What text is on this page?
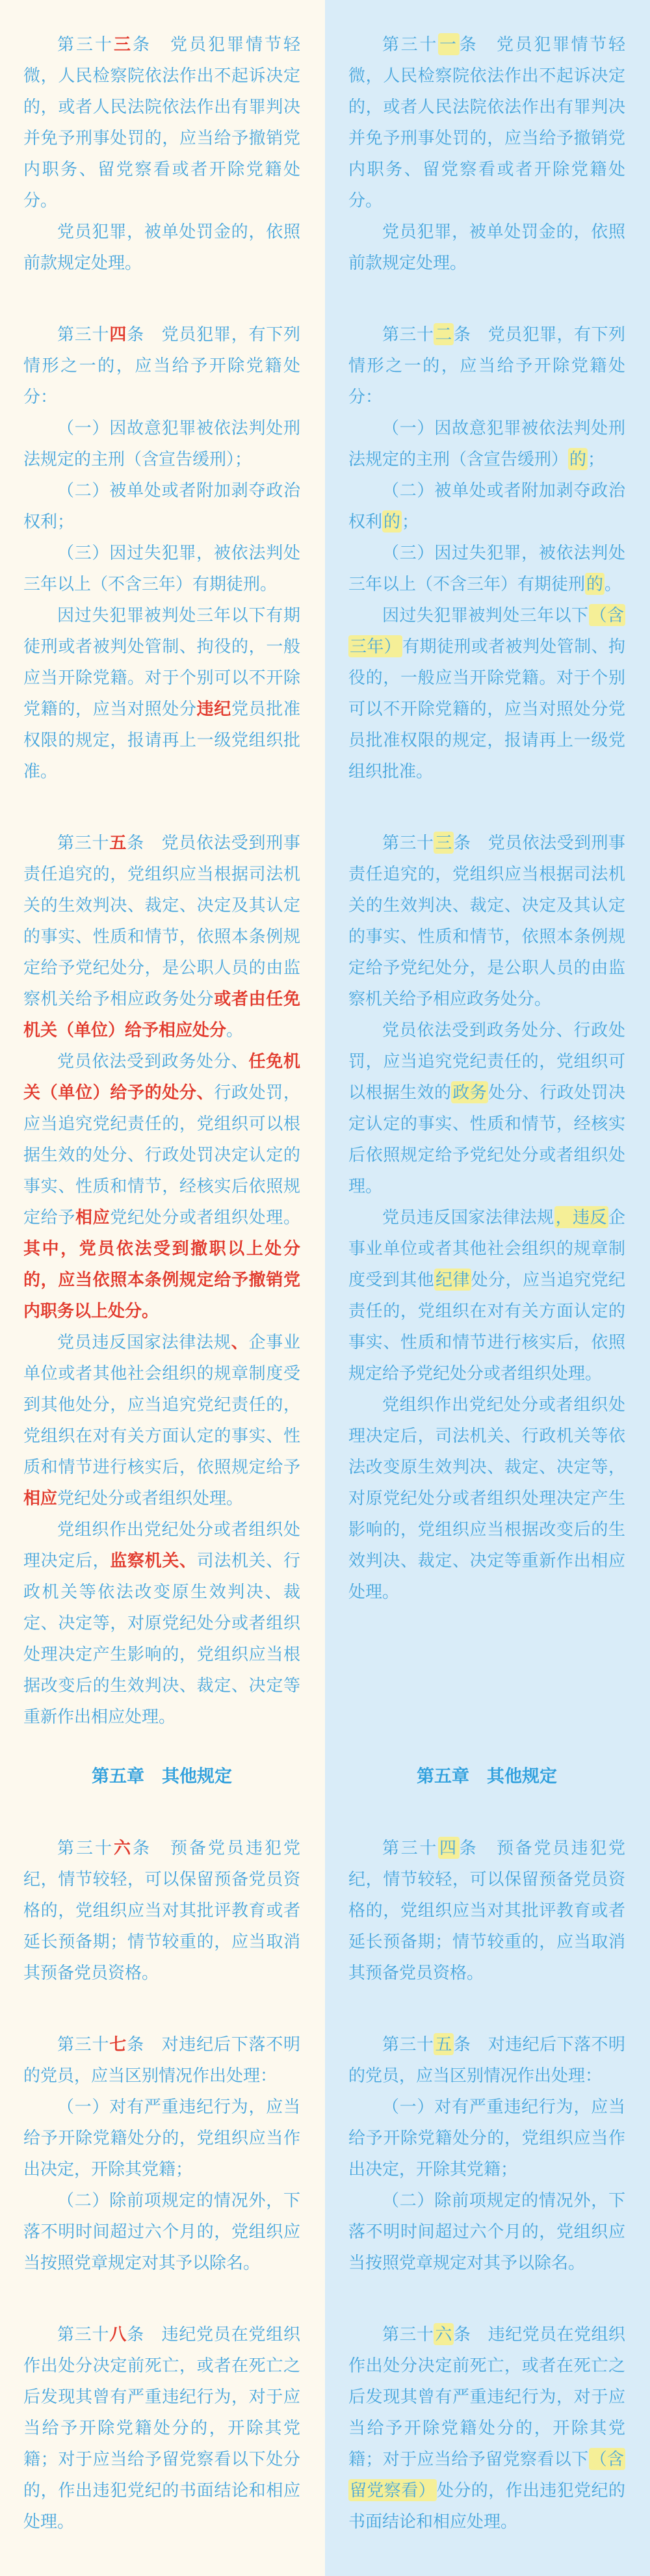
第三十三条　党员犯罪情节轻微，人民检察院依法作出不起诉决定的，或者人民法院依法作出有罪判决并免予刑事处罚的，应当给予撤销党内职务、留党察看或者开除党籍处分。

党员犯罪，被单处罚金的，依照前款规定处理。

第三十一条　党员犯罪情节轻微，人民检察院依法作出不起诉决定的，或者人民法院依法作出有罪判决并免予刑事处罚的，应当给予撤销党内职务、留党察看或者开除党籍处分。

党员犯罪，被单处罚金的，依照前款规定处理。

第三十四条　党员犯罪，有下列情形之一的，应当给予开除党籍处分：

（一）因故意犯罪被依法判处刑法规定的主刑（含宣告缓刑）；

（二）被单处或者附加剥夺政治权利；

（三）因过失犯罪，被依法判处三年以上（不含三年）有期徒刑。

因过失犯罪被判处三年以下有期徒刑或者被判处管制、拘役的，一般应当开除党籍。对于个别可以不开除党籍的，应当对照处分违纪党员批准权限的规定，报请再上一级党组织批准。

第三十二条　党员犯罪，有下列情形之一的，应当给予开除党籍处分：

（一）因故意犯罪被依法判处刑法规定的主刑（含宣告缓刑）的；

（二）被单处或者附加剥夺政治权利的；

（三）因过失犯罪，被依法判处三年以上（不含三年）有期徒刑的。

因过失犯罪被判处三年以下（含三年）有期徒刑或者被判处管制、拘役的，一般应当开除党籍。对于个别可以不开除党籍的，应当对照处分党员批准权限的规定，报请再上一级党组织批准。

第三十五条　党员依法受到刑事责任追究的，党组织应当根据司法机关的生效判决、裁定、决定及其认定的事实、性质和情节，依照本条例规定给予党纪处分，是公职人员的由监察机关给予相应政务处分或者由任免机关（单位）给予相应处分。

党员依法受到政务处分、任免机关（单位）给予的处分、行政处罚，应当追究党纪责任的，党组织可以根据生效的处分、行政处罚决定认定的事实、性质和情节，经核实后依照规定给予相应党纪处分或者组织处理。其中，党员依法受到撤职以上处分的，应当依照本条例规定给予撤销党内职务以上处分。

党员违反国家法律法规、企事业单位或者其他社会组织的规章制度受到其他处分，应当追究党纪责任的，党组织在对有关方面认定的事实、性质和情节进行核实后，依照规定给予相应党纪处分或者组织处理。

党组织作出党纪处分或者组织处理决定后，监察机关、司法机关、行政机关等依法改变原生效判决、裁定、决定等，对原党纪处分或者组织处理决定产生影响的，党组织应当根据改变后的生效判决、裁定、决定等重新作出相应处理。

第三十三条　党员依法受到刑事责任追究的，党组织应当根据司法机关的生效判决、裁定、决定及其认定的事实、性质和情节，依照本条例规定给予党纪处分，是公职人员的由监察机关给予相应政务处分。

党员依法受到政务处分、行政处罚，应当追究党纪责任的，党组织可以根据生效的政务处分、行政处罚决定认定的事实、性质和情节，经核实后依照规定给予党纪处分或者组织处理。

党员违反国家法律法规，违反企事业单位或者其他社会组织的规章制度受到其他纪律处分，应当追究党纪责任的，党组织在对有关方面认定的事实、性质和情节进行核实后，依照规定给予党纪处分或者组织处理。

党组织作出党纪处分或者组织处理决定后，司法机关、行政机关等依法改变原生效判决、裁定、决定等，对原党纪处分或者组织处理决定产生影响的，党组织应当根据改变后的生效判决、裁定、决定等重新作出相应处理。

第五章　其他规定	第五章　其他规定

第三十六条　预备党员违犯党纪，情节较轻，可以保留预备党员资格的，党组织应当对其批评教育或者延长预备期；情节较重的，应当取消其预备党员资格。

第三十四条　预备党员违犯党纪，情节较轻，可以保留预备党员资格的，党组织应当对其批评教育或者延长预备期；情节较重的，应当取消其预备党员资格。

第三十七条　对违纪后下落不明的党员，应当区别情况作出处理：

（一）对有严重违纪行为，应当给予开除党籍处分的，党组织应当作出决定，开除其党籍；

（二）除前项规定的情况外，下落不明时间超过六个月的，党组织应当按照党章规定对其予以除名。

第三十五条　对违纪后下落不明的党员，应当区别情况作出处理：

（一）对有严重违纪行为，应当给予开除党籍处分的，党组织应当作出决定，开除其党籍；

（二）除前项规定的情况外，下落不明时间超过六个月的，党组织应当按照党章规定对其予以除名。

第三十八条　违纪党员在党组织作出处分决定前死亡，或者在死亡之后发现其曾有严重违纪行为，对于应当给予开除党籍处分的，开除其党籍；对于应当给予留党察看以下处分的，作出违犯党纪的书面结论和相应处理。

第三十六条　违纪党员在党组织作出处分决定前死亡，或者在死亡之后发现其曾有严重违纪行为，对于应当给予开除党籍处分的，开除其党籍；对于应当给予留党察看以下（含留党察看）处分的，作出违犯党纪的书面结论和相应处理。
